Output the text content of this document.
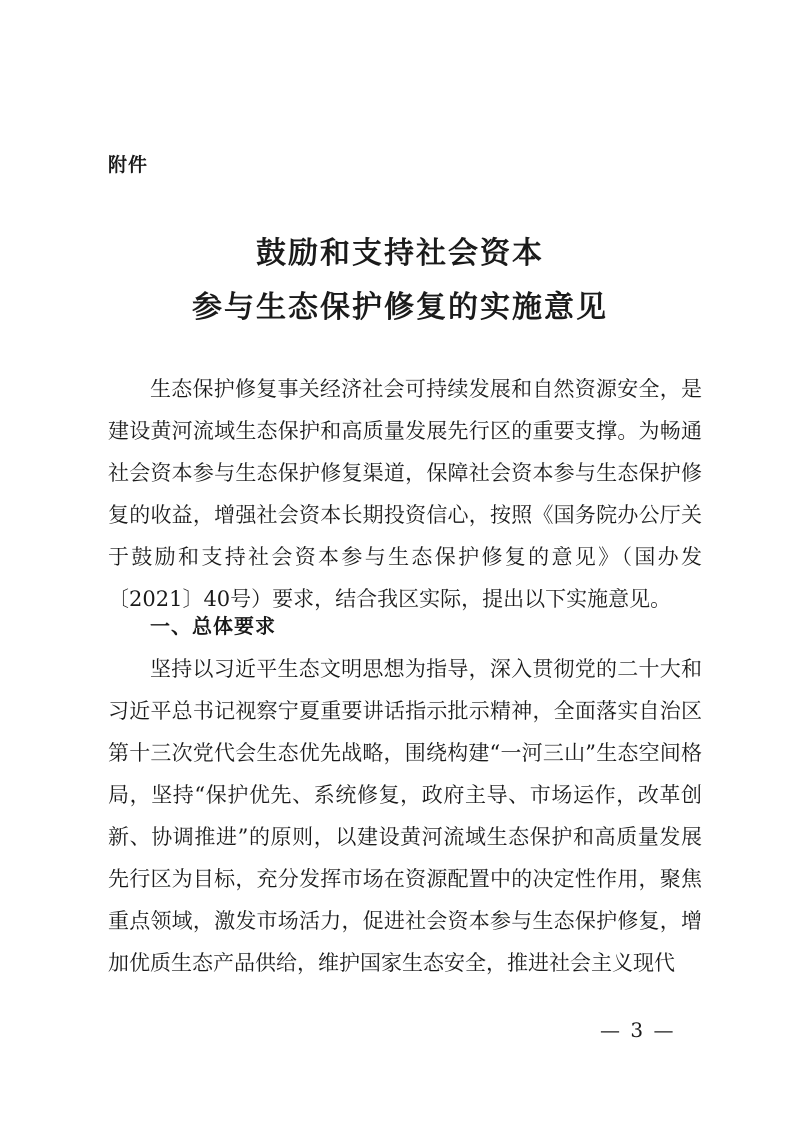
附件
鼓励和支持社会资本
参与生态保护修复的实施意见

生态保护修复事关经济社会可持续发展和自然资源安全，是建设黄河流域生态保护和高质量发展先行区的重要支撑。为畅通社会资本参与生态保护修复渠道，保障社会资本参与生态保护修复的收益，增强社会资本长期投资信心，按照《国务院办公厅关于鼓励和支持社会资本参与生态保护修复的意见》（国办发〔2021〕40号）要求，结合我区实际，提出以下实施意见。

一、总体要求

坚持以习近平生态文明思想为指导，深入贯彻党的二十大和习近平总书记视察宁夏重要讲话指示批示精神，全面落实自治区第十三次党代会生态优先战略，围绕构建“一河三山”生态空间格局，坚持“保护优先、系统修复，政府主导、市场运作，改革创新、协调推进”的原则，以建设黄河流域生态保护和高质量发展先行区为目标，充分发挥市场在资源配置中的决定性作用，聚焦重点领域，激发市场活力，促进社会资本参与生态保护修复，增加优质生态产品供给，维护国家生态安全，推进社会主义现代

— 3 —
